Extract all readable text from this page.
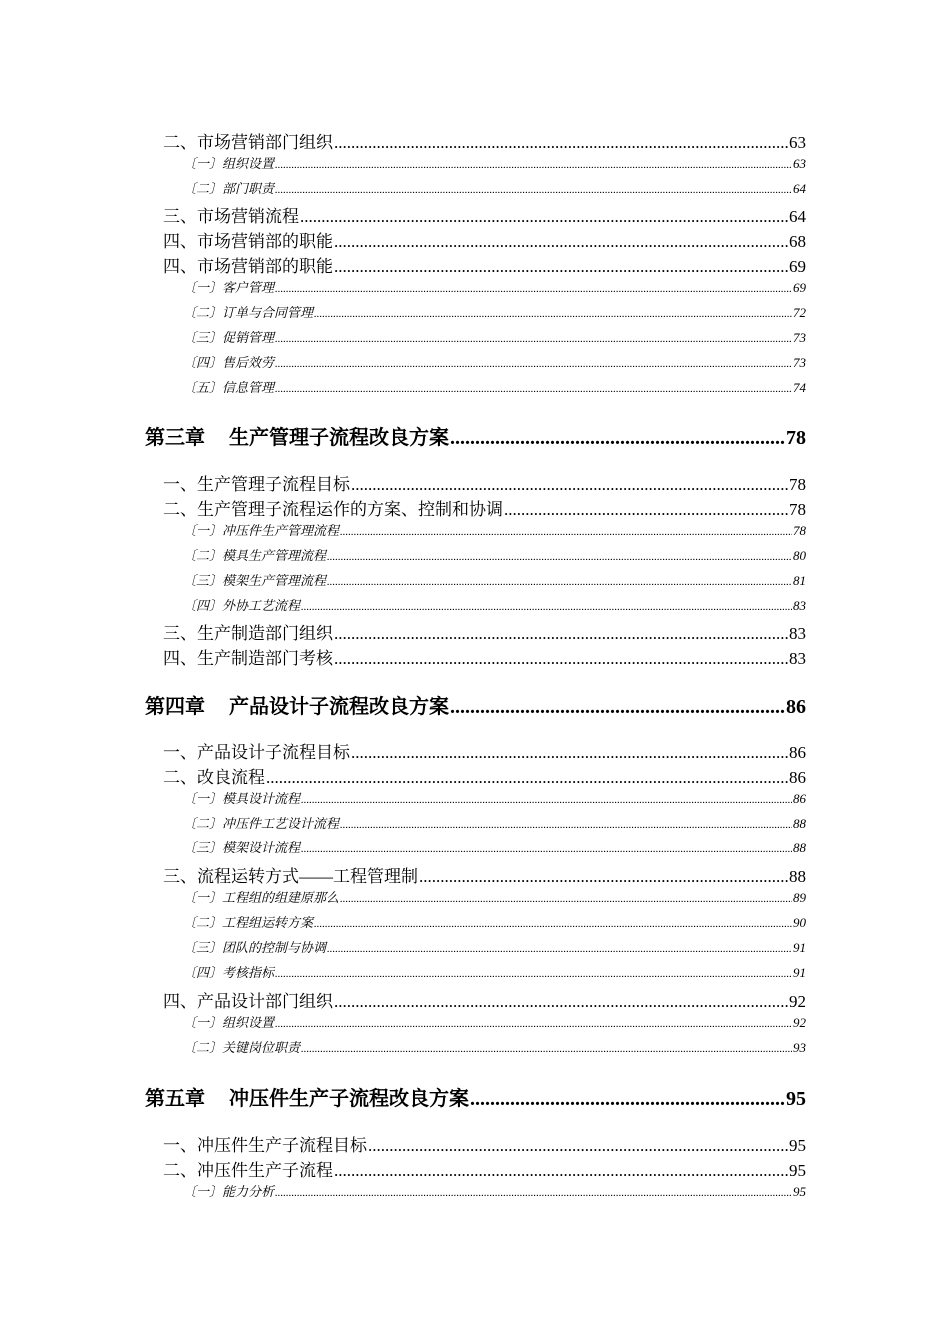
二、市场营销部门组织 .....	63
〔一〕组织设置 .....	63
〔二〕部门职责 .....	64
三、市场营销流程 .....	64
四、市场营销部的职能 .....	68
四、市场营销部的职能 .....	69
〔一〕客户管理 .....	69
〔二〕订单与合同管理 .....	72
〔三〕促销管理 .....	73
〔四〕售后效劳 .....	73
〔五〕信息管理 .....	74
第三章 生产管理子流程改良方案 .....	78
一、生产管理子流程目标 .....	78
二、生产管理子流程运作的方案、控制和协调 .....	78
〔一〕冲压件生产管理流程 .....	78
〔二〕模具生产管理流程 .....	80
〔三〕模架生产管理流程 .....	81
〔四〕外协工艺流程 .....	83
三、生产制造部门组织 .....	83
四、生产制造部门考核 .....	83
第四章 产品设计子流程改良方案 .....	86
一、产品设计子流程目标 .....	86
二、改良流程 .....	86
〔一〕模具设计流程 .....	86
〔二〕冲压件工艺设计流程 .....	88
〔三〕模架设计流程 .....	88
三、流程运转方式——工程管理制 .....	88
〔一〕工程组的组建原那么 .....	89
〔二〕工程组运转方案 .....	90
〔三〕团队的控制与协调 .....	91
〔四〕考核指标 .....	91
四、产品设计部门组织 .....	92
〔一〕组织设置 .....	92
〔二〕关键岗位职责 .....	93
第五章 冲压件生产子流程改良方案 .....	95
一、冲压件生产子流程目标 .....	95
二、冲压件生产子流程 .....	95
〔一〕能力分析 .....	95
